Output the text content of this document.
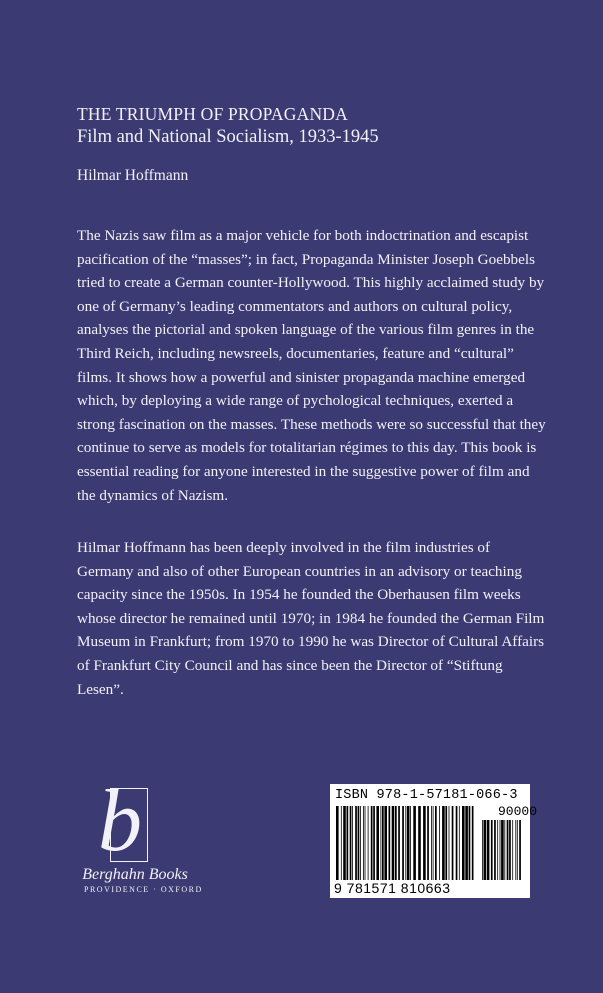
THE TRIUMPH OF PROPAGANDA
Film and National Socialism, 1933-1945
Hilmar Hoffmann

The Nazis saw film as a major vehicle for both indoctrination and escapist pacification of the “masses”; in fact, Propaganda Minister Joseph Goebbels tried to create a German counter-Hollywood. This highly acclaimed study by one of Germany’s leading commentators and authors on cultural policy, analyses the pictorial and spoken language of the various film genres in the Third Reich, including newsreels, documentaries, feature and “cultural” films. It shows how a powerful and sinister propaganda machine emerged which, by deploying a wide range of pychological techniques, exerted a strong fascination on the masses. These methods were so successful that they continue to serve as models for totalitarian régimes to this day. This book is essential reading for anyone interested in the suggestive power of film and the dynamics of Nazism.

Hilmar Hoffmann has been deeply involved in the film industries of Germany and also of other European countries in an advisory or teaching capacity since the 1950s. In 1954 he founded the Oberhausen film weeks whose director he remained until 1970; in 1984 he founded the German Film Museum in Frankfurt; from 1970 to 1990 he was Director of Cultural Affairs of Frankfurt City Council and has since been the Director of “Stiftung Lesen”.

b
Berghahn Books
PROVIDENCE · OXFORD
ISBN 978-1-57181-066-3
90000
9 781571 810663
